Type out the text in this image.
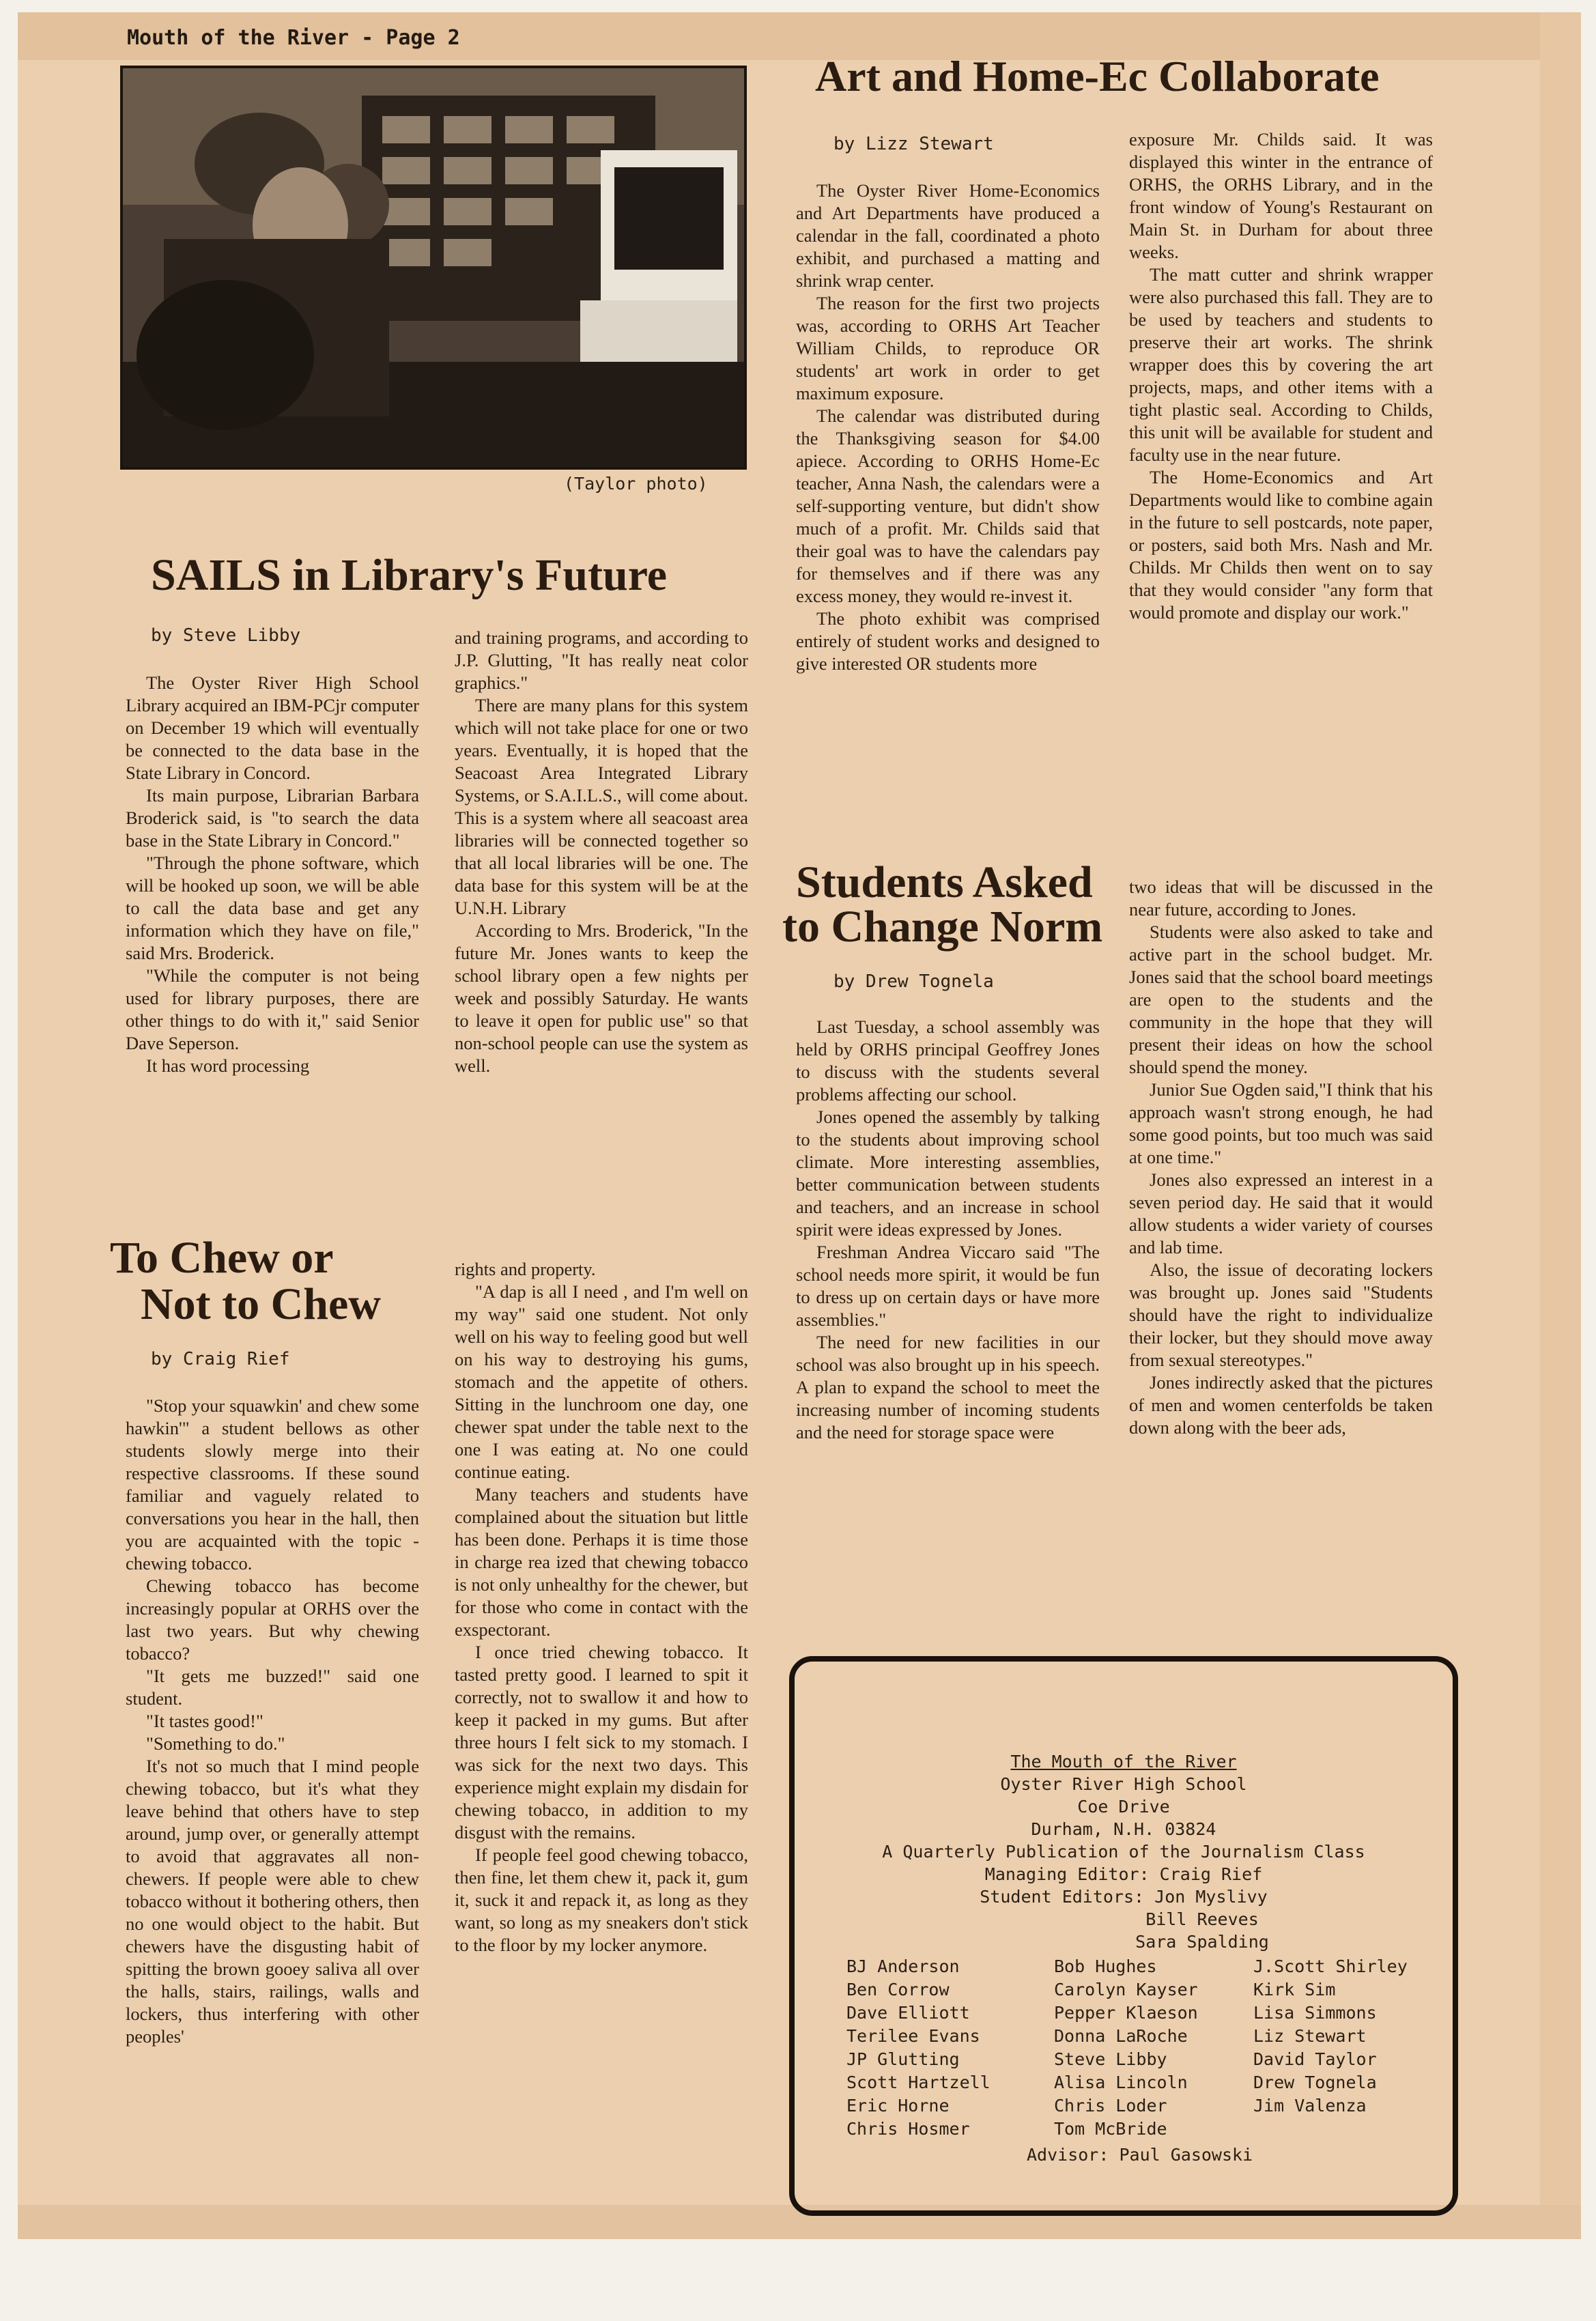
Mouth of the River - Page 2
(Taylor photo)
SAILS in Library's Future
by Steve Libby

The Oyster River High School Library acquired an IBM-PCjr computer on December 19 which will eventually be connected to the data base in the State Library in Concord.

Its main purpose, Librarian Barbara Broderick said, is "to search the data base in the State Library in Concord."

"Through the phone software, which will be hooked up soon, we will be able to call the data base and get any information which they have on file," said Mrs. Broderick.

"While the computer is not being used for library purposes, there are other things to do with it," said Senior Dave Seperson.

It has word processing

and training programs, and according to J.P. Glutting, "It has really neat color graphics."

There are many plans for this system which will not take place for one or two years. Eventually, it is hoped that the Seacoast Area Integrated Library Systems, or S.A.I.L.S., will come about. This is a system where all seacoast area libraries will be connected together so that all local libraries will be one. The data base for this system will be at the U.N.H. Library

According to Mrs. Broderick, "In the future Mr. Jones wants to keep the school library open a few nights per week and possibly Saturday. He wants to leave it open for public use" so that non-school people can use the system as well.

To Chew or
Not to Chew
by Craig Rief

"Stop your squawkin' and chew some hawkin'" a student bellows as other students slowly merge into their respective classrooms. If these sound familiar and vaguely related to conversations you hear in the hall, then you are acquainted with the topic -chewing tobacco.

Chewing tobacco has become increasingly popular at ORHS over the last two years. But why chewing tobacco?

"It gets me buzzed!" said one student.

"It tastes good!"

"Something to do."

It's not so much that I mind people chewing tobacco, but it's what they leave behind that others have to step around, jump over, or generally attempt to avoid that aggravates all non-chewers. If people were able to chew tobacco without it bothering others, then no one would object to the habit. But chewers have the disgusting habit of spitting the brown gooey saliva all over the halls, stairs, railings, walls and lockers, thus interfering with other peoples'

rights and property.

"A dap is all I need , and I'm well on my way" said one student. Not only well on his way to feeling good but well on his way to destroying his gums, stomach and the appetite of others. Sitting in the lunchroom one day, one chewer spat under the table next to the one I was eating at. No one could continue eating.

Many teachers and students have complained about the situation but little has been done. Perhaps it is time those in charge rea ized that chewing tobacco is not only unhealthy for the chewer, but for those who come in contact with the exspectorant.

I once tried chewing tobacco. It tasted pretty good. I learned to spit it correctly, not to swallow it and how to keep it packed in my gums. But after three hours I felt sick to my stomach. I was sick for the next two days. This experience might explain my disdain for chewing tobacco, in addition to my disgust with the remains.

If people feel good chewing tobacco, then fine, let them chew it, pack it, gum it, suck it and repack it, as long as they want, so long as my sneakers don't stick to the floor by my locker anymore.

Art and Home-Ec Collaborate
by Lizz Stewart

The Oyster River Home-Economics and Art Departments have produced a calendar in the fall, coordinated a photo exhibit, and purchased a matting and shrink wrap center.

The reason for the first two projects was, according to ORHS Art Teacher William Childs, to reproduce OR students' art work in order to get maximum exposure.

The calendar was distributed during the Thanksgiving season for $4.00 apiece. According to ORHS Home-Ec teacher, Anna Nash, the calendars were a self-supporting venture, but didn't show much of a profit. Mr. Childs said that their goal was to have the calendars pay for themselves and if there was any excess money, they would re-invest it.

The photo exhibit was comprised entirely of student works and designed to give interested OR students more

exposure Mr. Childs said. It was displayed this winter in the entrance of ORHS, the ORHS Library, and in the front window of Young's Restaurant on Main St. in Durham for about three weeks.

The matt cutter and shrink wrapper were also purchased this fall. They are to be used by teachers and students to preserve their art works. The shrink wrapper does this by covering the art projects, maps, and other items with a tight plastic seal. According to Childs, this unit will be available for student and faculty use in the near future.

The Home-Economics and Art Departments would like to combine again in the future to sell postcards, note paper, or posters, said both Mrs. Nash and Mr. Childs. Mr Childs then went on to say that they would consider "any form that would promote and display our work."

Students Asked
to Change Norm
by Drew Tognela

Last Tuesday, a school assembly was held by ORHS principal Geoffrey Jones to discuss with the students several problems affecting our school.

Jones opened the assembly by talking to the students about improving school climate. More interesting assemblies, better communication between students and teachers, and an increase in school spirit were ideas expressed by Jones.

Freshman Andrea Viccaro said "The school needs more spirit, it would be fun to dress up on certain days or have more assemblies."

The need for new facilities in our school was also brought up in his speech. A plan to expand the school to meet the increasing number of incoming students and the need for storage space were

two ideas that will be discussed in the near future, according to Jones.

Students were also asked to take and active part in the school budget. Mr. Jones said that the school board meetings are open to the students and the community in the hope that they will present their ideas on how the school should spend the money.

Junior Sue Ogden said,"I think that his approach wasn't strong enough, he had some good points, but too much was said at one time."

Jones also expressed an interest in a seven period day. He said that it would allow students a wider variety of courses and lab time.

Also, the issue of decorating lockers was brought up. Jones said "Students should have the right to individualize their locker, but they should move away from sexual stereotypes."

Jones indirectly asked that the pictures of men and women centerfolds be taken down along with the beer ads,

The Mouth of the River
Oyster River High School
Coe Drive
Durham, N.H. 03824
A Quarterly Publication of the Journalism Class
Managing Editor: Craig Rief
Student Editors: Jon Myslivy
Bill Reeves
Sara Spalding
BJ Anderson
Ben Corrow
Dave Elliott
Terilee Evans
JP Glutting
Scott Hartzell
Eric Horne
Chris Hosmer
Bob Hughes
Carolyn Kayser
Pepper Klaeson
Donna LaRoche
Steve Libby
Alisa Lincoln
Chris Loder
Tom McBride
J.Scott Shirley
Kirk Sim
Lisa Simmons
Liz Stewart
David Taylor
Drew Tognela
Jim Valenza
Advisor: Paul Gasowski
